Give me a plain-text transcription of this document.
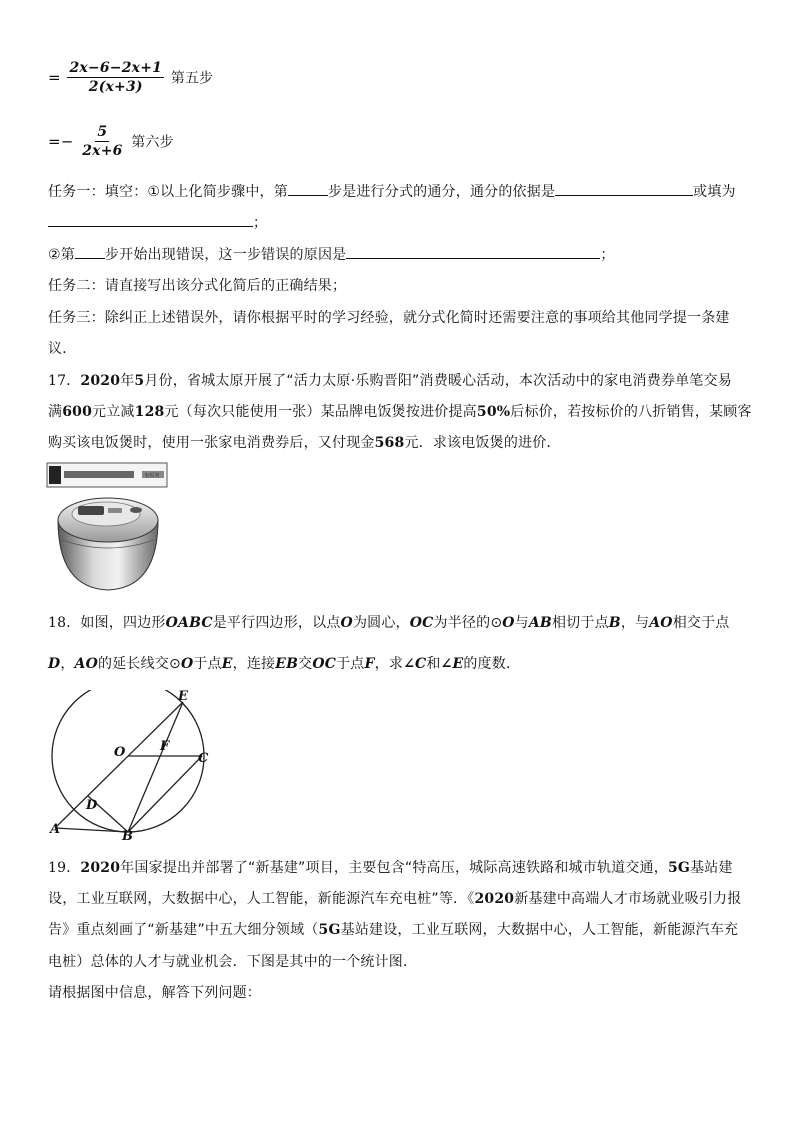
= $\frac{2x-6-2x+1}{2(x+3)}$ 第五步
=− $\frac{5}{2x+6}$ 第六步
任务一：填空：①以上化简步骤中，第	步是进行分式的通分，通分的依据是	或填为
；
②第 步开始出现错误，这一步错误的原因是	；
任务二：请直接写出该分式化简后的正确结果；
任务三：除纠正上述错误外，请你根据平时的学习经验，就分式化简时还需要注意的事项给其他同学提一条建
议．
17．2020年5月份，省城太原开展了“活力太原·乐购晋阳”消费暖心活动，本次活动中的家电消费券单笔交易
满600元立减128元（每次只能使用一张）某品牌电饭煲按进价提高50%后标价，若按标价的八折销售，某顾客
购买该电饭煲时，使用一张家电消费券后，又付现金568元．求该电饭煲的进价．
电饭煲
18．如图，四边形OABC是平行四边形，以点O为圆心，OC为半径的⊙O与AB相切于点B，与AO相交于点
D，AO的延长线交⊙O于点E，连接EB交OC于点F，求∠C和∠E的度数．
E
O	F
C
D
A	B
19．2020年国家提出并部署了“新基建”项目，主要包含“特高压，城际高速铁路和城市轨道交通，5G基站建
设，工业互联网，大数据中心，人工智能，新能源汽车充电桩”等．《2020新基建中高端人才市场就业吸引力报
告》重点刻画了“新基建”中五大细分领域（5G基站建设，工业互联网，大数据中心，人工智能，新能源汽车充
电桩）总体的人才与就业机会．下图是其中的一个统计图．
请根据图中信息，解答下列问题：
